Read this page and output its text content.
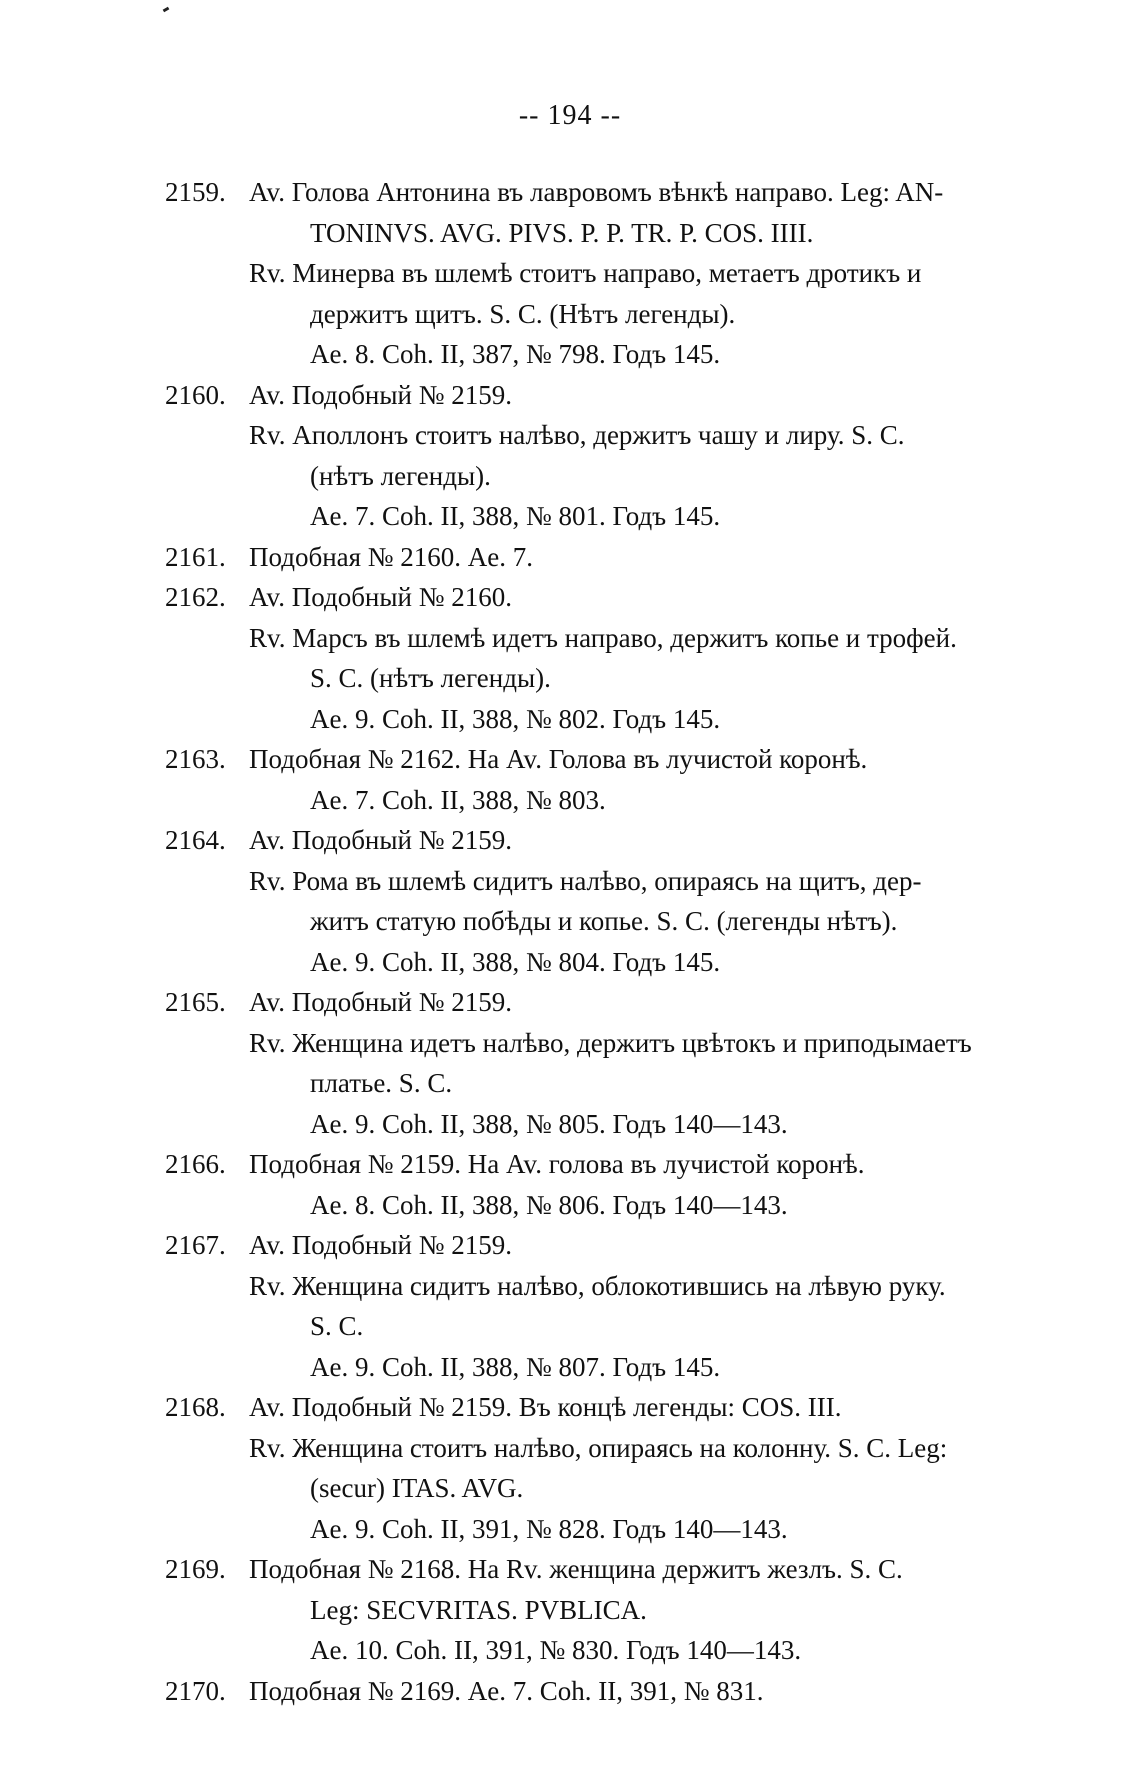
-- 194 --
2159. Av. Голова Антонина въ лавровомъ вѣнкѣ направо. Leg: AN-
TONINVS. AVG. PIVS. P. P. TR. P. COS. IIII.
Rv. Минерва въ шлемѣ стоитъ направо, метаетъ дротикъ и
держитъ щитъ. S. C. (Нѣтъ легенды).
Ae. 8. Coh. II, 387, № 798. Годъ 145.
2160. Av. Подобный № 2159.
Rv. Аполлонъ стоитъ налѣво, держитъ чашу и лиру. S. C.
(нѣтъ легенды).
Ae. 7. Coh. II, 388, № 801. Годъ 145.
2161. Подобная № 2160. Ae. 7.
2162. Av. Подобный № 2160.
Rv. Марсъ въ шлемѣ идетъ направо, держитъ копье и трофей.
S. C. (нѣтъ легенды).
Ae. 9. Coh. II, 388, № 802. Годъ 145.
2163. Подобная № 2162. На Av. Голова въ лучистой коронѣ.
Ae. 7. Coh. II, 388, № 803.
2164. Av. Подобный № 2159.
Rv. Рома въ шлемѣ сидитъ налѣво, опираясь на щитъ, дер-
житъ статую побѣды и копье. S. C. (легенды нѣтъ).
Ae. 9. Coh. II, 388, № 804. Годъ 145.
2165. Av. Подобный № 2159.
Rv. Женщина идетъ налѣво, держитъ цвѣтокъ и приподымаетъ
платье. S. C.
Ae. 9. Coh. II, 388, № 805. Годъ 140—143.
2166. Подобная № 2159. На Av. голова въ лучистой коронѣ.
Ae. 8. Coh. II, 388, № 806. Годъ 140—143.
2167. Av. Подобный № 2159.
Rv. Женщина сидитъ налѣво, облокотившись на лѣвую руку.
S. C.
Ae. 9. Coh. II, 388, № 807. Годъ 145.
2168. Av. Подобный № 2159. Въ концѣ легенды: COS. III.
Rv. Женщина стоитъ налѣво, опираясь на колонну. S. C. Leg:
(secur) ITAS. AVG.
Ae. 9. Coh. II, 391, № 828. Годъ 140—143.
2169. Подобная № 2168. На Rv. женщина держитъ жезлъ. S. C.
Leg: SECVRITAS. PVBLICA.
Ae. 10. Coh. II, 391, № 830. Годъ 140—143.
2170. Подобная № 2169. Ae. 7. Coh. II, 391, № 831.
